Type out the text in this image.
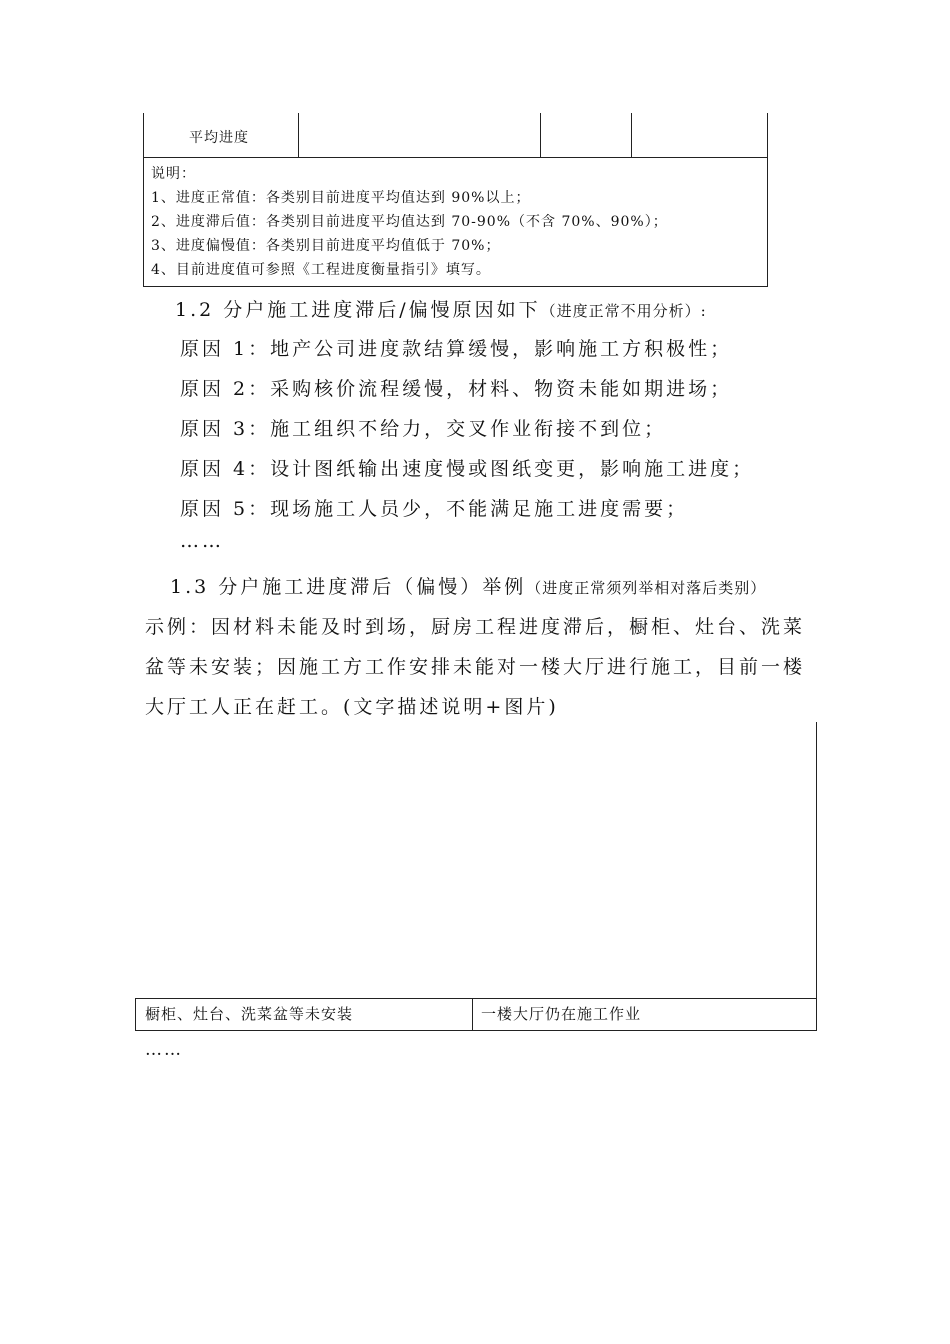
平均进度
说明：
1、进度正常值：各类别目前进度平均值达到 90%以上；
2、进度滞后值：各类别目前进度平均值达到 70-90%（不含 70%、90%）；
3、进度偏慢值：各类别目前进度平均值低于 70%；
4、目前进度值可参照《工程进度衡量指引》填写。
1.2 分户施工进度滞后/偏慢原因如下（进度正常不用分析）:
原因 1：地产公司进度款结算缓慢，影响施工方积极性；
原因 2：采购核价流程缓慢，材料、物资未能如期进场；
原因 3：施工组织不给力，交叉作业衔接不到位；
原因 4：设计图纸输出速度慢或图纸变更，影响施工进度；
原因 5：现场施工人员少，不能满足施工进度需要；
……
1.3 分户施工进度滞后（偏慢）举例（进度正常须列举相对落后类别）
示例：因材料未能及时到场，厨房工程进度滞后，橱柜、灶台、洗菜
盆等未安装；因施工方工作安排未能对一楼大厅进行施工，目前一楼
大厅工人正在赶工。(文字描述说明+图片)
橱柜、灶台、洗菜盆等未安装	一楼大厅仍在施工作业
……
